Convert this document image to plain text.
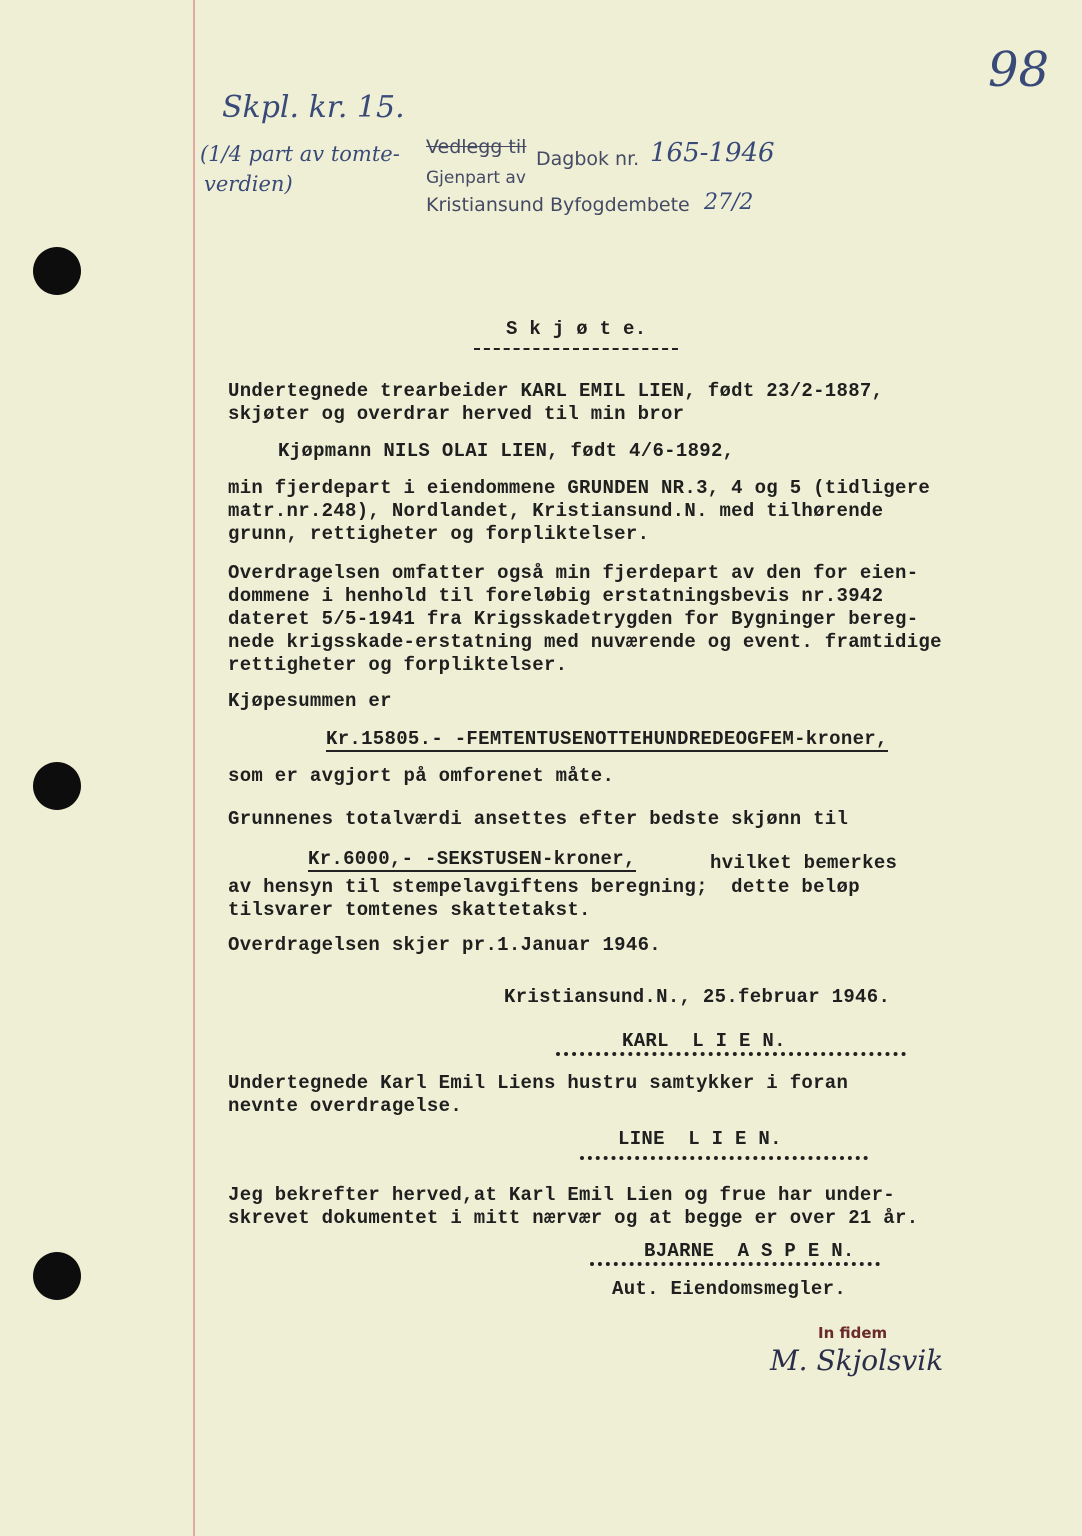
98
Skpl. kr. 15.
(1/4 part av tomte-
verdien)
Vedlegg til
Dagbok nr. 165-1946
Gjenpart av
Kristiansund Byfogdembete 27/2
S k j ø t e.
Undertegnede trearbeider KARL EMIL LIEN, født 23/2-1887,
skjøter og overdrar herved til min bror
Kjøpmann NILS OLAI LIEN, født 4/6-1892,
min fjerdepart i eiendommene GRUNDEN NR.3, 4 og 5 (tidligere
matr.nr.248), Nordlandet, Kristiansund.N. med tilhørende
grunn, rettigheter og forpliktelser.
Overdragelsen omfatter også min fjerdepart av den for eien-
dommene i henhold til foreløbig erstatningsbevis nr.3942
dateret 5/5-1941 fra Krigsskadetrygden for Bygninger bereg-
nede krigsskade-erstatning med nuværende og event. framtidige
rettigheter og forpliktelser.
Kjøpesummen er
Kr.15805.- -FEMTENTUSENOTTEHUNDREDEOGFEM-kroner,
som er avgjort på omforenet måte.
Grunnenes totalværdi ansettes efter bedste skjønn til
Kr.6000,- -SEKSTUSEN-kroner,	hvilket bemerkes
av hensyn til stempelavgiftens beregning;  dette beløp
tilsvarer tomtenes skattetakst.
Overdragelsen skjer pr.1.Januar 1946.
Kristiansund.N., 25.februar 1946.
KARL  L I E N.
Undertegnede Karl Emil Liens hustru samtykker i foran
nevnte overdragelse.
LINE  L I E N.
Jeg bekrefter herved,at Karl Emil Lien og frue har under-
skrevet dokumentet i mitt nærvær og at begge er over 21 år.
BJARNE  A S P E N.
Aut. Eiendomsmegler.
In fidem
M. Skjolsvik
